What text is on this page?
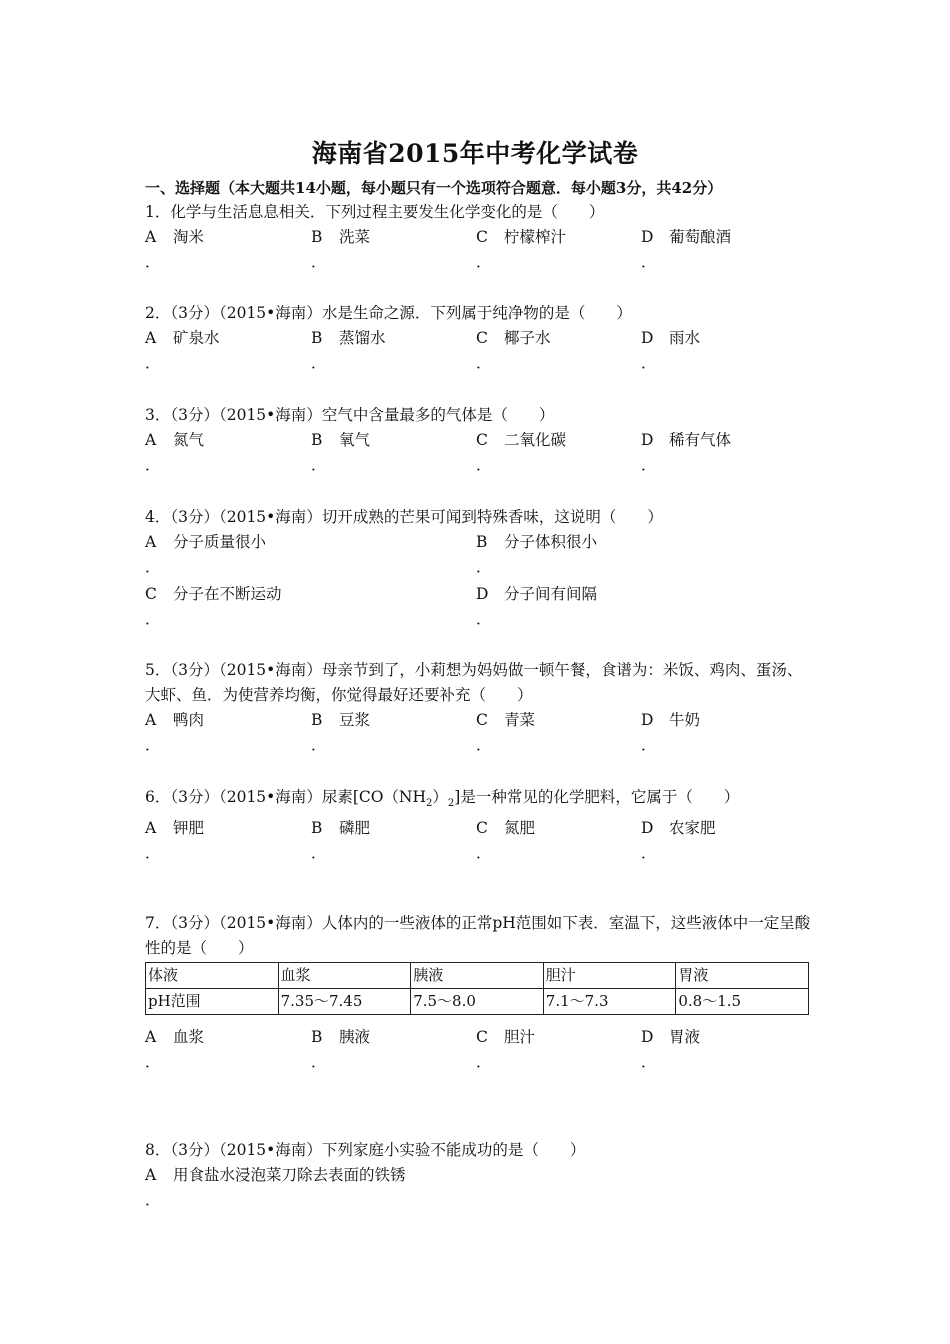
海南省2015年中考化学试卷
一、选择题（本大题共14小题，每小题只有一个选项符合题意．每小题3分，共42分）
1．化学与生活息息相关．下列过程主要发生化学变化的是（　　）
A 淘米
．
B 洗菜
．
C 柠檬榨汁
．
D 葡萄酿酒
．
2．（3分）（2015•海南）水是生命之源．下列属于纯净物的是（　　）
A 矿泉水
．
B 蒸馏水
．
C 椰子水
．
D 雨水
．
3．（3分）（2015•海南）空气中含量最多的气体是（　　）
A 氮气
．
B 氧气
．
C 二氧化碳
．
D 稀有气体
．
4．（3分）（2015•海南）切开成熟的芒果可闻到特殊香味，这说明（　　）
A 分子质量很小
．
B 分子体积很小
．
C 分子在不断运动
．
D 分子间有间隔
．
5．（3分）（2015•海南）母亲节到了，小莉想为妈妈做一顿午餐，食谱为：米饭、鸡肉、蛋汤、大虾、鱼．为使营养均衡，你觉得最好还要补充（　　）
A 鸭肉
．
B 豆浆
．
C 青菜
．
D 牛奶
．
6．（3分）（2015•海南）尿素$[CO(NH_2)_2]$是一种常见的化学肥料，它属于（　　）
A 钾肥
．
B 磷肥
．
C 氮肥
．
D 农家肥
．
7．（3分）（2015•海南）人体内的一些液体的正常pH范围如下表．室温下，这些液体中一定呈酸性的是（　　）
体液	血浆	胰液	胆汁	胃液
pH范围	7.35～7.45	7.5～8.0	7.1～7.3	0.8～1.5
A 血浆
．
B 胰液
．
C 胆汁
．
D 胃液
．
8．（3分）（2015•海南）下列家庭小实验不能成功的是（　　）
A 用食盐水浸泡菜刀除去表面的铁锈
．
